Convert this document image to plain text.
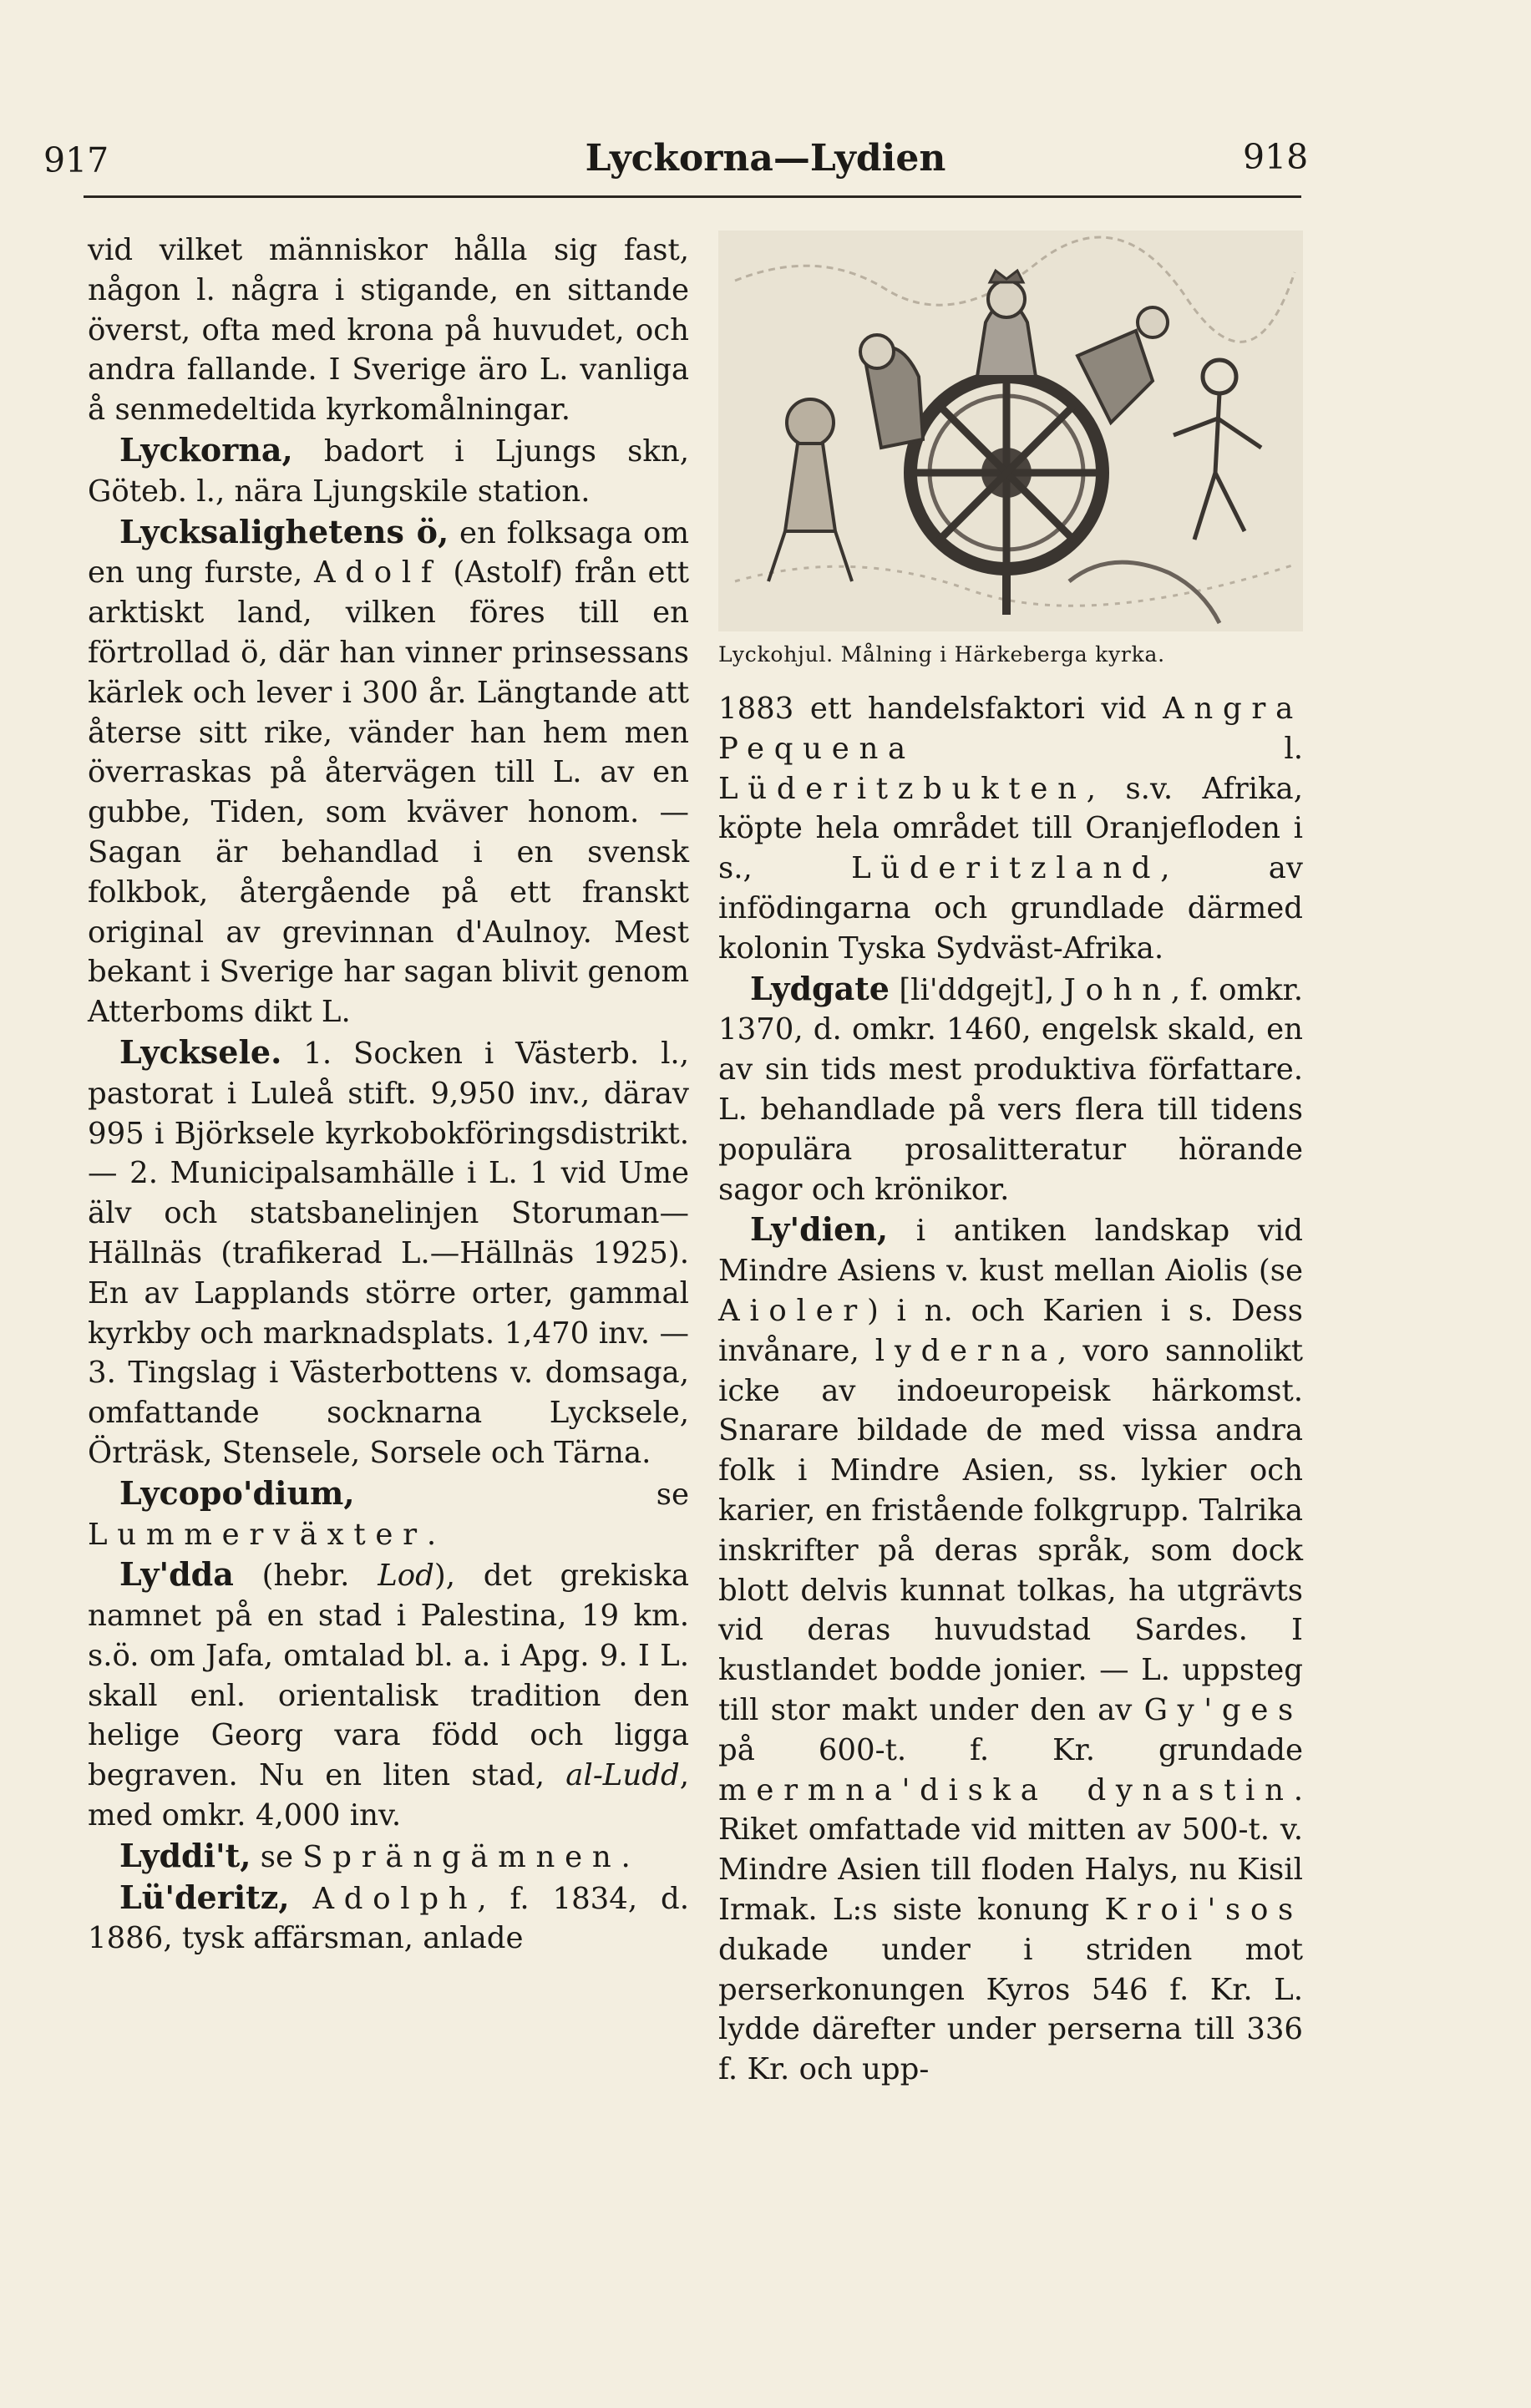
917	Lyckorna—Lydien	918

vid vilket människor hålla sig fast, någon l. några i stigande, en sittande överst, ofta med krona på huvudet, och andra fallande. I Sverige äro L. vanliga å senmedeltida kyrkomålningar.

Lyckorna, badort i Ljungs skn, Göteb. l., nära Ljungskile station.

Lycksalighetens ö, en folksaga om en ung furste, Adolf (Astolf) från ett arktiskt land, vilken föres till en förtrollad ö, där han vinner prinsessans kärlek och lever i 300 år. Längtande att återse sitt rike, vänder han hem men överraskas på återvägen till L. av en gubbe, Tiden, som kväver honom. — Sagan är behandlad i en svensk folkbok, återgående på ett franskt original av grevinnan d'Aulnoy. Mest bekant i Sverige har sagan blivit genom Atterboms dikt L.

Lycksele. 1. Socken i Västerb. l., pastorat i Luleå stift. 9,950 inv., därav 995 i Björksele kyrkobokföringsdistrikt. — 2. Municipalsamhälle i L. 1 vid Ume älv och statsbanelinjen Storuman—Hällnäs (trafikerad L.—Hällnäs 1925). En av Lapplands större orter, gammal kyrkby och marknadsplats. 1,470 inv. — 3. Tingslag i Västerbottens v. domsaga, omfattande socknarna Lycksele, Örträsk, Stensele, Sorsele och Tärna.

Lycopo'dium, se Lummerväxter.

Ly'dda (hebr. Lod), det grekiska namnet på en stad i Palestina, 19 km. s.ö. om Jafa, omtalad bl. a. i Apg. 9. I L. skall enl. orientalisk tradition den helige Georg vara född och ligga begraven. Nu en liten stad, al-Ludd, med omkr. 4,000 inv.

Lyddi't, se Sprängämnen.

Lü'deritz, Adolph, f. 1834, d. 1886, tysk affärsman, anlade

Lyckohjul. Målning i Härkeberga kyrka.

1883 ett handelsfaktori vid Angra Pequena l. Lüderitzbukten, s.v. Afrika, köpte hela området till Oranjefloden i s., Lüderitzland, av infödingarna och grundlade därmed kolonin Tyska Sydväst-Afrika.

Lydgate [li'ddgejt], John, f. omkr. 1370, d. omkr. 1460, engelsk skald, en av sin tids mest produktiva författare. L. behandlade på vers flera till tidens populära prosalitteratur hörande sagor och krönikor.

Ly'dien, i antiken landskap vid Mindre Asiens v. kust mellan Aiolis (se Aioler) i n. och Karien i s. Dess invånare, lyderna, voro sannolikt icke av indoeuropeisk härkomst. Snarare bildade de med vissa andra folk i Mindre Asien, ss. lykier och karier, en fristående folkgrupp. Talrika inskrifter på deras språk, som dock blott delvis kunnat tolkas, ha utgrävts vid deras huvudstad Sardes. I kustlandet bodde jonier. — L. uppsteg till stor makt under den av Gy'ges på 600-t. f. Kr. grundade mermna'diska dynastin. Riket omfattade vid mitten av 500-t. v. Mindre Asien till floden Halys, nu Kisil Irmak. L:s siste konung Kroi'sos dukade under i striden mot perserkonungen Kyros 546 f. Kr. L. lydde därefter under perserna till 336 f. Kr. och upp-
